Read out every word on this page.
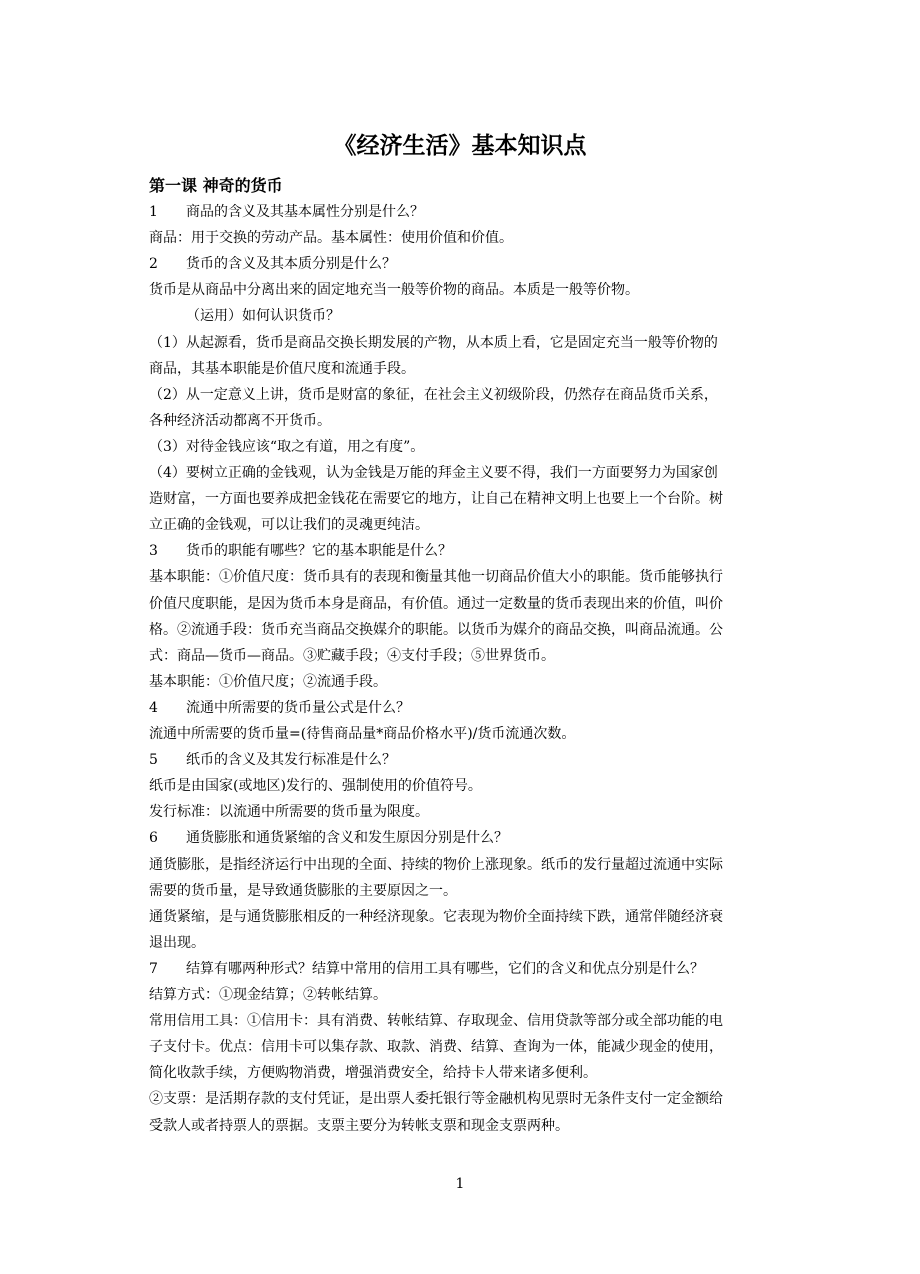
《经济生活》基本知识点
第一课 神奇的货币
1 商品的含义及其基本属性分别是什么？
商品：用于交换的劳动产品。基本属性：使用价值和价值。
2 货币的含义及其本质分别是什么？
货币是从商品中分离出来的固定地充当一般等价物的商品。本质是一般等价物。
（运用）如何认识货币？
（1）从起源看，货币是商品交换长期发展的产物，从本质上看，它是固定充当一般等价物的
商品，其基本职能是价值尺度和流通手段。
（2）从一定意义上讲，货币是财富的象征，在社会主义初级阶段，仍然存在商品货币关系，
各种经济活动都离不开货币。
（3）对待金钱应该“取之有道，用之有度”。
（4）要树立正确的金钱观，认为金钱是万能的拜金主义要不得，我们一方面要努力为国家创
造财富，一方面也要养成把金钱花在需要它的地方，让自己在精神文明上也要上一个台阶。树
立正确的金钱观，可以让我们的灵魂更纯洁。
3 货币的职能有哪些？它的基本职能是什么？
基本职能：①价值尺度：货币具有的表现和衡量其他一切商品价值大小的职能。货币能够执行
价值尺度职能，是因为货币本身是商品，有价值。通过一定数量的货币表现出来的价值，叫价
格。②流通手段：货币充当商品交换媒介的职能。以货币为媒介的商品交换，叫商品流通。公
式：商品—货币—商品。③贮藏手段；④支付手段；⑤世界货币。
基本职能：①价值尺度；②流通手段。
4 流通中所需要的货币量公式是什么？
流通中所需要的货币量=(待售商品量*商品价格水平)/货币流通次数。
5 纸币的含义及其发行标准是什么？
纸币是由国家(或地区)发行的、强制使用的价值符号。
发行标准：以流通中所需要的货币量为限度。
6 通货膨胀和通货紧缩的含义和发生原因分别是什么？
通货膨胀，是指经济运行中出现的全面、持续的物价上涨现象。纸币的发行量超过流通中实际
需要的货币量，是导致通货膨胀的主要原因之一。
通货紧缩，是与通货膨胀相反的一种经济现象。它表现为物价全面持续下跌，通常伴随经济衰
退出现。
7 结算有哪两种形式？结算中常用的信用工具有哪些，它们的含义和优点分别是什么？
结算方式：①现金结算；②转帐结算。
常用信用工具：①信用卡：具有消费、转帐结算、存取现金、信用贷款等部分或全部功能的电
子支付卡。优点：信用卡可以集存款、取款、消费、结算、查询为一体，能减少现金的使用，
简化收款手续，方便购物消费，增强消费安全，给持卡人带来诸多便利。
②支票：是活期存款的支付凭证，是出票人委托银行等金融机构见票时无条件支付一定金额给
受款人或者持票人的票据。支票主要分为转帐支票和现金支票两种。
1
